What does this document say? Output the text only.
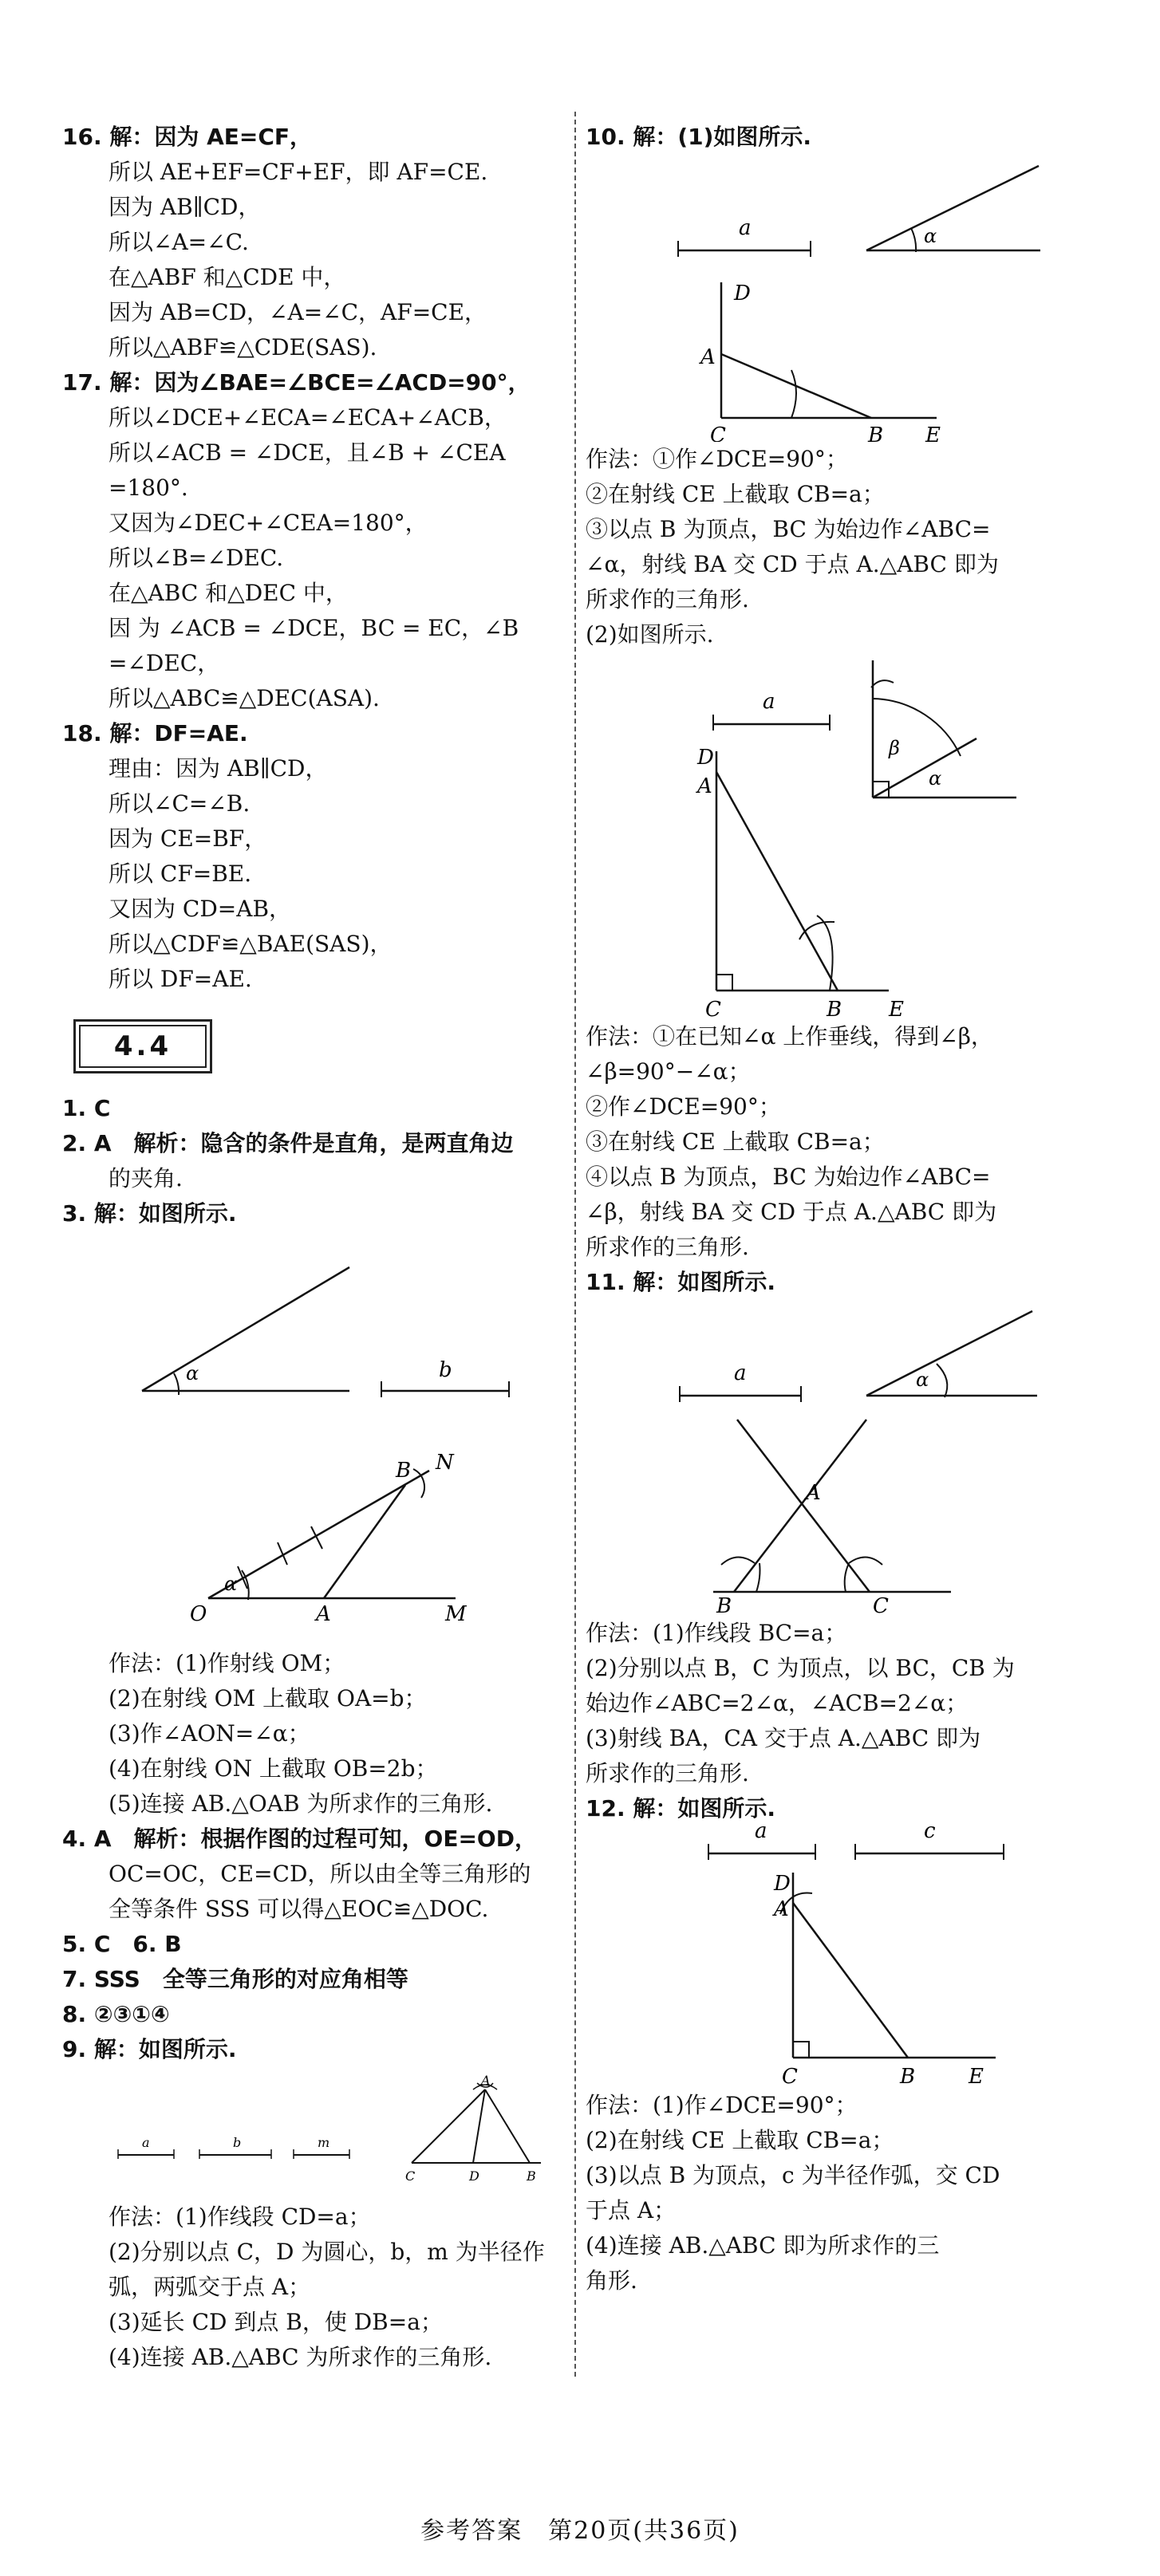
16. 解：因为 AE=CF，
所以 AE+EF=CF+EF，即 AF=CE.
因为 AB∥CD，
所以∠A=∠C.
在△ABF 和△CDE 中，
因为 AB=CD，∠A=∠C，AF=CE，
所以△ABF≌△CDE(SAS).
17. 解：因为∠BAE=∠BCE=∠ACD=90°，
所以∠DCE+∠ECA=∠ECA+∠ACB，
所以∠ACB = ∠DCE，且∠B + ∠CEA
=180°.
又因为∠DEC+∠CEA=180°，
所以∠B=∠DEC.
在△ABC 和△DEC 中，
因 为 ∠ACB = ∠DCE，BC = EC，∠B
=∠DEC，
所以△ABC≌△DEC(ASA).
18. 解：DF=AE.
理由：因为 AB∥CD，
所以∠C=∠B.
因为 CE=BF，
所以 CF=BE.
又因为 CD=AB，
所以△CDF≌△BAE(SAS)，
所以 DF=AE.
4.4
1. C
2. A　解析：隐含的条件是直角，是两直角边
的夹角.
3. 解：如图所示.
α	b
α
O	A
B N
M
作法：(1)作射线 OM；
(2)在射线 OM 上截取 OA=b；
(3)作∠AON=∠α；
(4)在射线 ON 上截取 OB=2b；
(5)连接 AB.△OAB 为所求作的三角形.
4. A　解析：根据作图的过程可知，OE=OD，
OC=OC，CE=CD，所以由全等三角形的
全等条件 SSS 可以得△EOC≌△DOC.
5. C　6. B
7. SSS　全等三角形的对应角相等
8. ②③①④
9. 解：如图所示.
a	b	m
A
C	D	B
作法：(1)作线段 CD=a；
(2)分别以点 C，D 为圆心，b，m 为半径作
弧，两弧交于点 A；
(3)延长 CD 到点 B，使 DB=a；
(4)连接 AB.△ABC 为所求作的三角形.
10. 解：(1)如图所示.
a	α
D
A
C	B E
作法：①作∠DCE=90°；
②在射线 CE 上截取 CB=a；
③以点 B 为顶点，BC 为始边作∠ABC=
∠α，射线 BA 交 CD 于点 A.△ABC 即为
所求作的三角形.
(2)如图所示.
a
β
α
D
A
C	B E
作法：①在已知∠α 上作垂线，得到∠β，
∠β=90°−∠α；
②作∠DCE=90°；
③在射线 CE 上截取 CB=a；
④以点 B 为顶点，BC 为始边作∠ABC=
∠β，射线 BA 交 CD 于点 A.△ABC 即为
所求作的三角形.
11. 解：如图所示.
a	α
A
B	C
作法：(1)作线段 BC=a；
(2)分别以点 B，C 为顶点，以 BC，CB 为
始边作∠ABC=2∠α，∠ACB=2∠α；
(3)射线 BA，CA 交于点 A.△ABC 即为
所求作的三角形.
12. 解：如图所示.
a	c
D
A
C	B	E
作法：(1)作∠DCE=90°；
(2)在射线 CE 上截取 CB=a；
(3)以点 B 为顶点，c 为半径作弧，交 CD
于点 A；
(4)连接 AB.△ABC 即为所求作的三
角形.
参考答案　第20页(共36页)
